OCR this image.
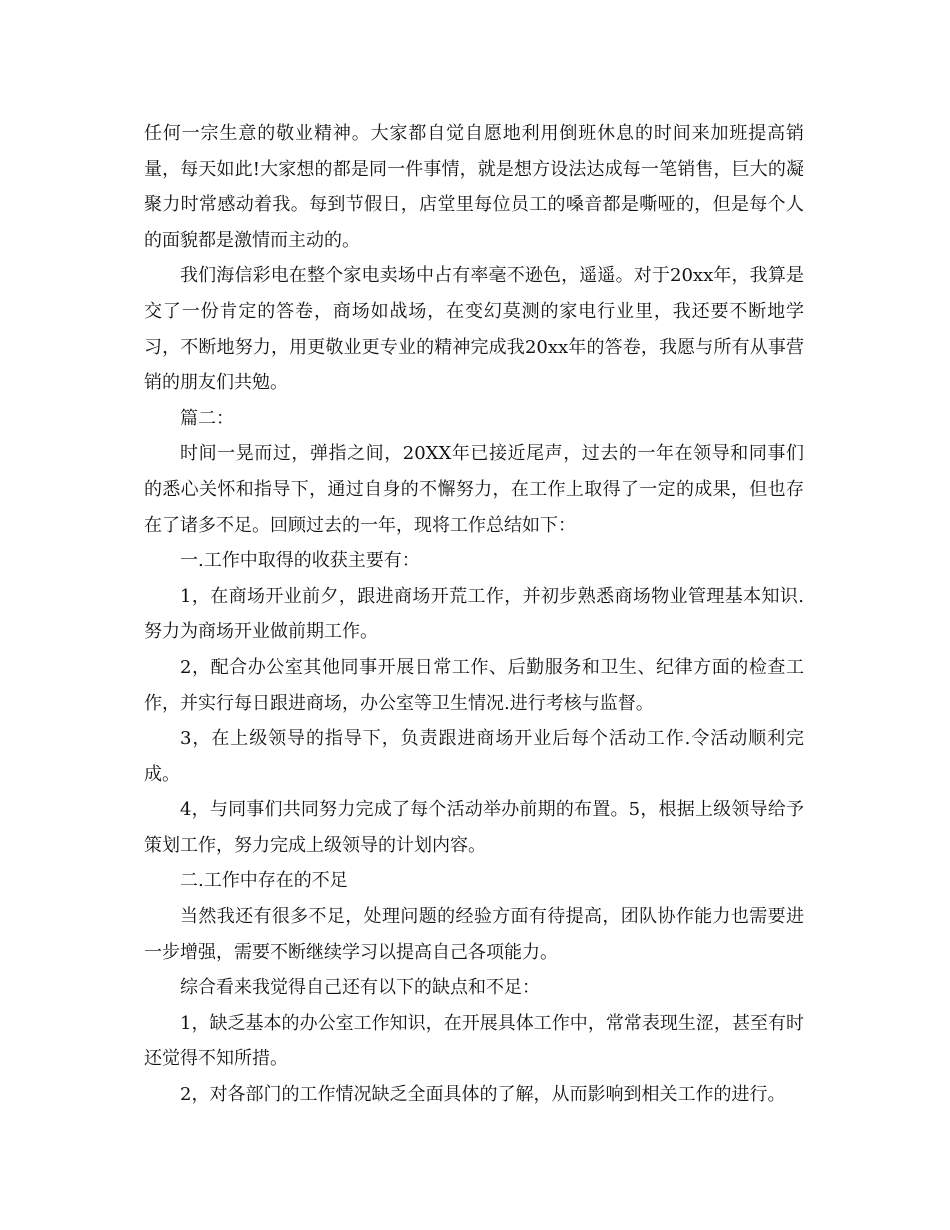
任何一宗生意的敬业精神。大家都自觉自愿地利用倒班休息的时间来加班提高销量，每天如此!大家想的都是同一件事情，就是想方设法达成每一笔销售，巨大的凝聚力时常感动着我。每到节假日，店堂里每位员工的嗓音都是嘶哑的，但是每个人的面貌都是激情而主动的。

我们海信彩电在整个家电卖场中占有率毫不逊色，遥遥。对于20xx年，我算是交了一份肯定的答卷，商场如战场，在变幻莫测的家电行业里，我还要不断地学习，不断地努力，用更敬业更专业的精神完成我20xx年的答卷，我愿与所有从事营销的朋友们共勉。

篇二：

时间一晃而过，弹指之间，20XX年已接近尾声，过去的一年在领导和同事们的悉心关怀和指导下，通过自身的不懈努力，在工作上取得了一定的成果，但也存在了诸多不足。回顾过去的一年，现将工作总结如下：

一.工作中取得的收获主要有：

1，在商场开业前夕，跟进商场开荒工作，并初步熟悉商场物业管理基本知识.努力为商场开业做前期工作。

2，配合办公室其他同事开展日常工作、后勤服务和卫生、纪律方面的检查工作，并实行每日跟进商场，办公室等卫生情况.进行考核与监督。

3，在上级领导的指导下，负责跟进商场开业后每个活动工作.令活动顺利完成。

4，与同事们共同努力完成了每个活动举办前期的布置。5，根据上级领导给予策划工作，努力完成上级领导的计划内容。

二.工作中存在的不足

当然我还有很多不足，处理问题的经验方面有待提高，团队协作能力也需要进一步增强，需要不断继续学习以提高自己各项能力。

综合看来我觉得自己还有以下的缺点和不足：

1，缺乏基本的办公室工作知识，在开展具体工作中，常常表现生涩，甚至有时还觉得不知所措。

2，对各部门的工作情况缺乏全面具体的了解，从而影响到相关工作的进行。
